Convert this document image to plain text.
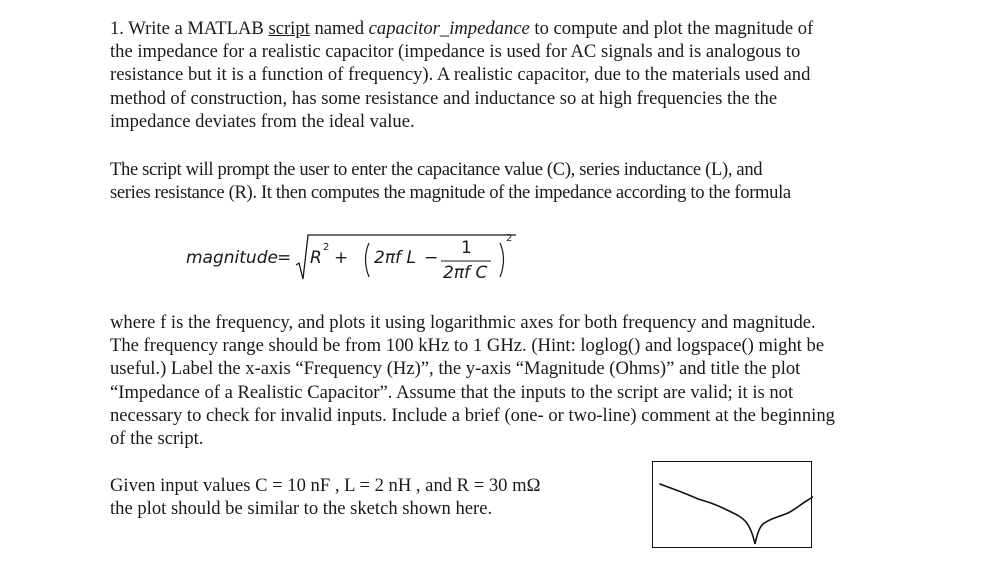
1. Write a MATLAB script named capacitor_impedance to compute and plot the magnitude of
the impedance for a realistic capacitor (impedance is used for AC signals and is analogous to
resistance but it is a function of frequency). A realistic capacitor, due to the materials used and
method of construction, has some resistance and inductance so at high frequencies the the
impedance deviates from the ideal value.
The script will prompt the user to enter the capacitance value (C), series inductance (L), and
series resistance (R). It then computes the magnitude of the impedance according to the formula
magnitude = R
2
+ 2πf L − 1
2πf C
2
where f is the frequency, and plots it using logarithmic axes for both frequency and magnitude.
The frequency range should be from 100 kHz to 1 GHz. (Hint: loglog() and logspace() might be
useful.) Label the x-axis “Frequency (Hz)”, the y-axis “Magnitude (Ohms)” and title the plot
“Impedance of a Realistic Capacitor”. Assume that the inputs to the script are valid; it is not
necessary to check for invalid inputs. Include a brief (one- or two-line) comment at the beginning
of the script.
Given input values C = 10 nF , L = 2 nH , and R = 30 mΩ
the plot should be similar to the sketch shown here.
